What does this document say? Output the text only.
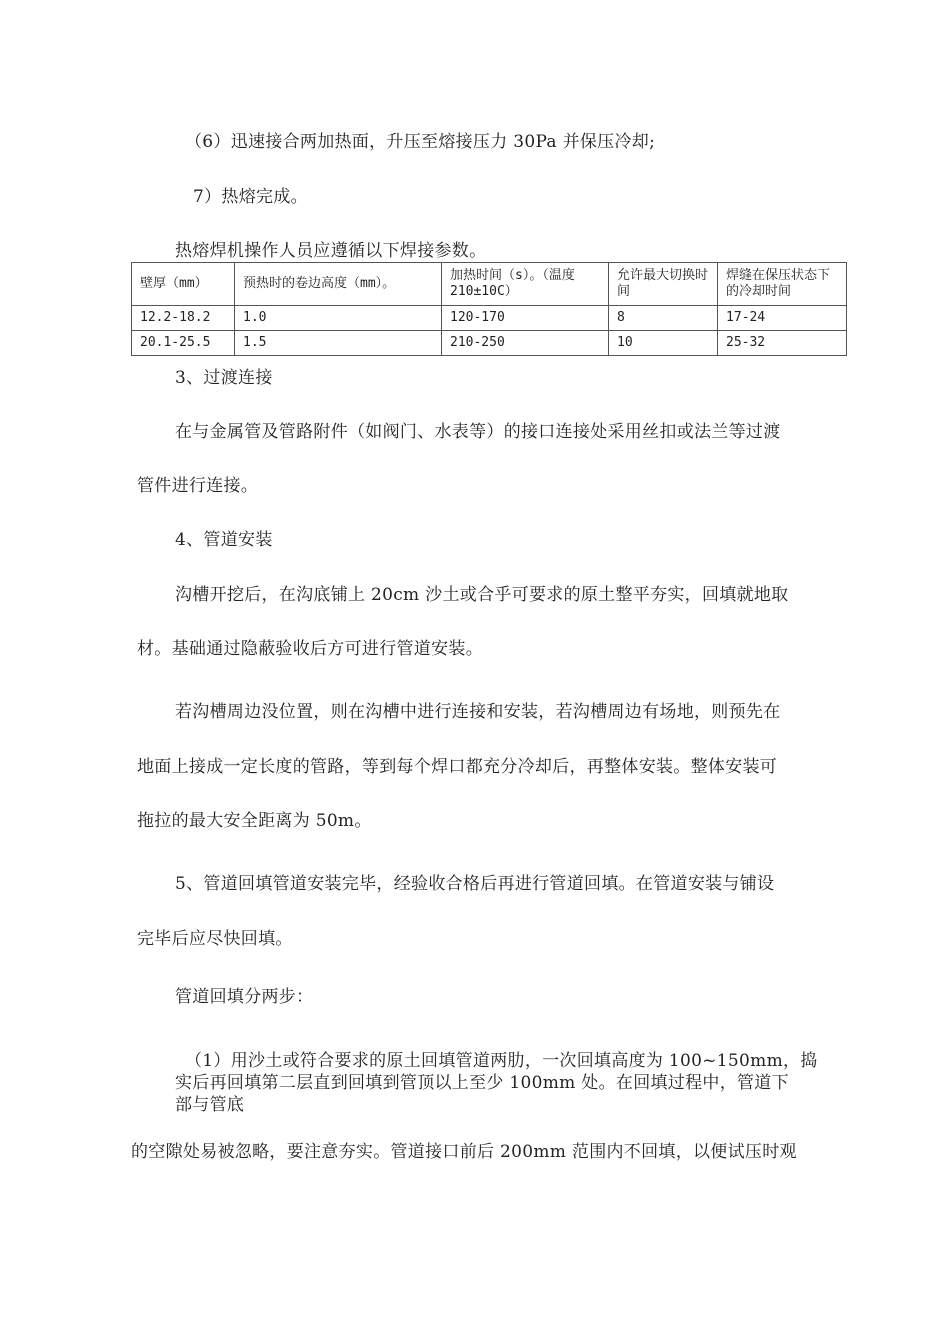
（6）迅速接合两加热面，升压至熔接压力 30Pa 并保压冷却;
7）热熔完成。
热熔焊机操作人员应遵循以下焊接参数。
壁厚（mm）	预热时的卷边高度（mm）。	加热时间（s）。（温度 210±10C）	允许最大切换时间	焊缝在保压状态下的冷却时间
12.2-18.2	1.0	120-170	8	17-24
20.1-25.5	1.5	210-250	10	25-32
3、过渡连接
在与金属管及管路附件（如阀门、水表等）的接口连接处采用丝扣或法兰等过渡
管件进行连接。
4、管道安装
沟槽开挖后，在沟底铺上 20cm 沙土或合乎可要求的原土整平夯实，回填就地取
材。基础通过隐蔽验收后方可进行管道安装。
若沟槽周边没位置，则在沟槽中进行连接和安装，若沟槽周边有场地，则预先在
地面上接成一定长度的管路，等到每个焊口都充分冷却后，再整体安装。整体安装可
拖拉的最大安全距离为 50m。
5、管道回填管道安装完毕，经验收合格后再进行管道回填。在管道安装与铺设
完毕后应尽快回填。
管道回填分两步：
（1）用沙土或符合要求的原土回填管道两肋，一次回填高度为 100~150mm，捣
实后再回填第二层直到回填到管顶以上至少 100mm 处。在回填过程中，管道下
部与管底
的空隙处易被忽略，要注意夯实。管道接口前后 200mm 范围内不回填，以便试压时观
